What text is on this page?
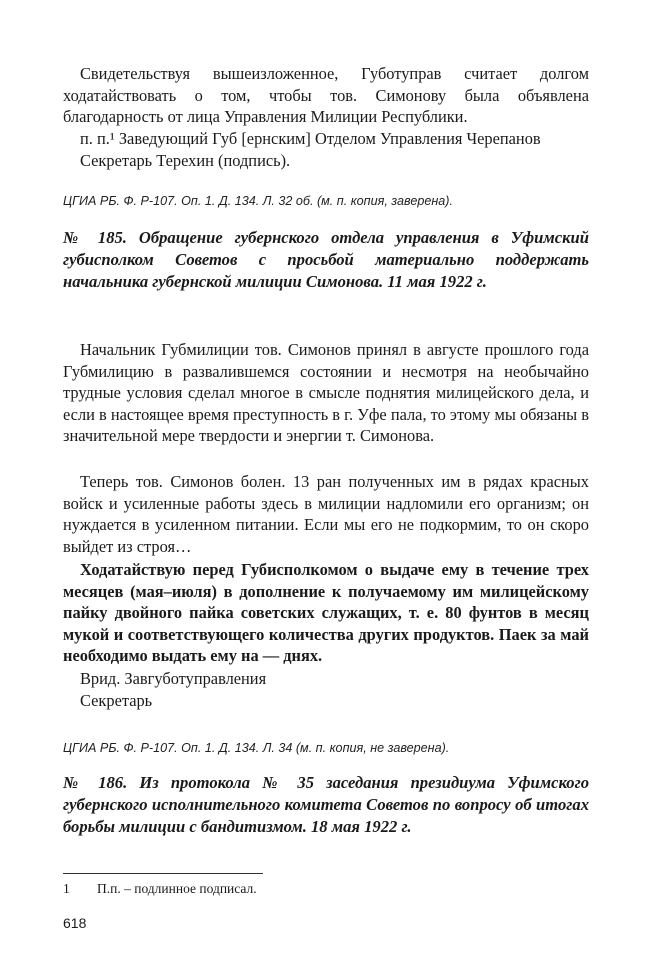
Свидетельствуя вышеизложенное, Губотуправ считает долгом ходатайствовать о том, чтобы тов. Симонову была объявлена благодарность от лица Управления Милиции Республики.

п. п.¹ Заведующий Губ [ернским] Отделом Управления Черепанов

Секретарь Терехин (подпись).

ЦГИА РБ. Ф. Р-107. Оп. 1. Д. 134. Л. 32 об. (м. п. копия, заверена).

№ 185. Обращение губернского отдела управления в Уфимский губисполком Советов с просьбой материально поддержать начальника губернской милиции Симонова. 11 мая 1922 г.

Начальник Губмилиции тов. Симонов принял в августе прошлого года Губмилицию в развалившемся состоянии и несмотря на необычайно трудные условия сделал многое в смысле поднятия милицейского дела, и если в настоящее время преступность в г. Уфе пала, то этому мы обязаны в значительной мере твердости и энергии т. Симонова.

Теперь тов. Симонов болен. 13 ран полученных им в рядах красных войск и усиленные работы здесь в милиции надломили его организм; он нуждается в усиленном питании. Если мы его не подкормим, то он скоро выйдет из строя…

Ходатайствую перед Губисполкомом о выдаче ему в течение трех месяцев (мая–июля) в дополнение к получаемому им милицейскому пайку двойного пайка советских служащих, т. е. 80 фунтов в месяц мукой и соответствующего количества других продуктов. Паек за май необходимо выдать ему на — днях.

Врид. Завгуботуправления

Секретарь

ЦГИА РБ. Ф. Р-107. Оп. 1. Д. 134. Л. 34 (м. п. копия, не заверена).

№ 186. Из протокола № 35 заседания президиума Уфимского губернского исполнительного комитета Советов по вопросу об итогах борьбы милиции с бандитизмом. 18 мая 1922 г.

1 П.п. – подлинное подписал.

618
